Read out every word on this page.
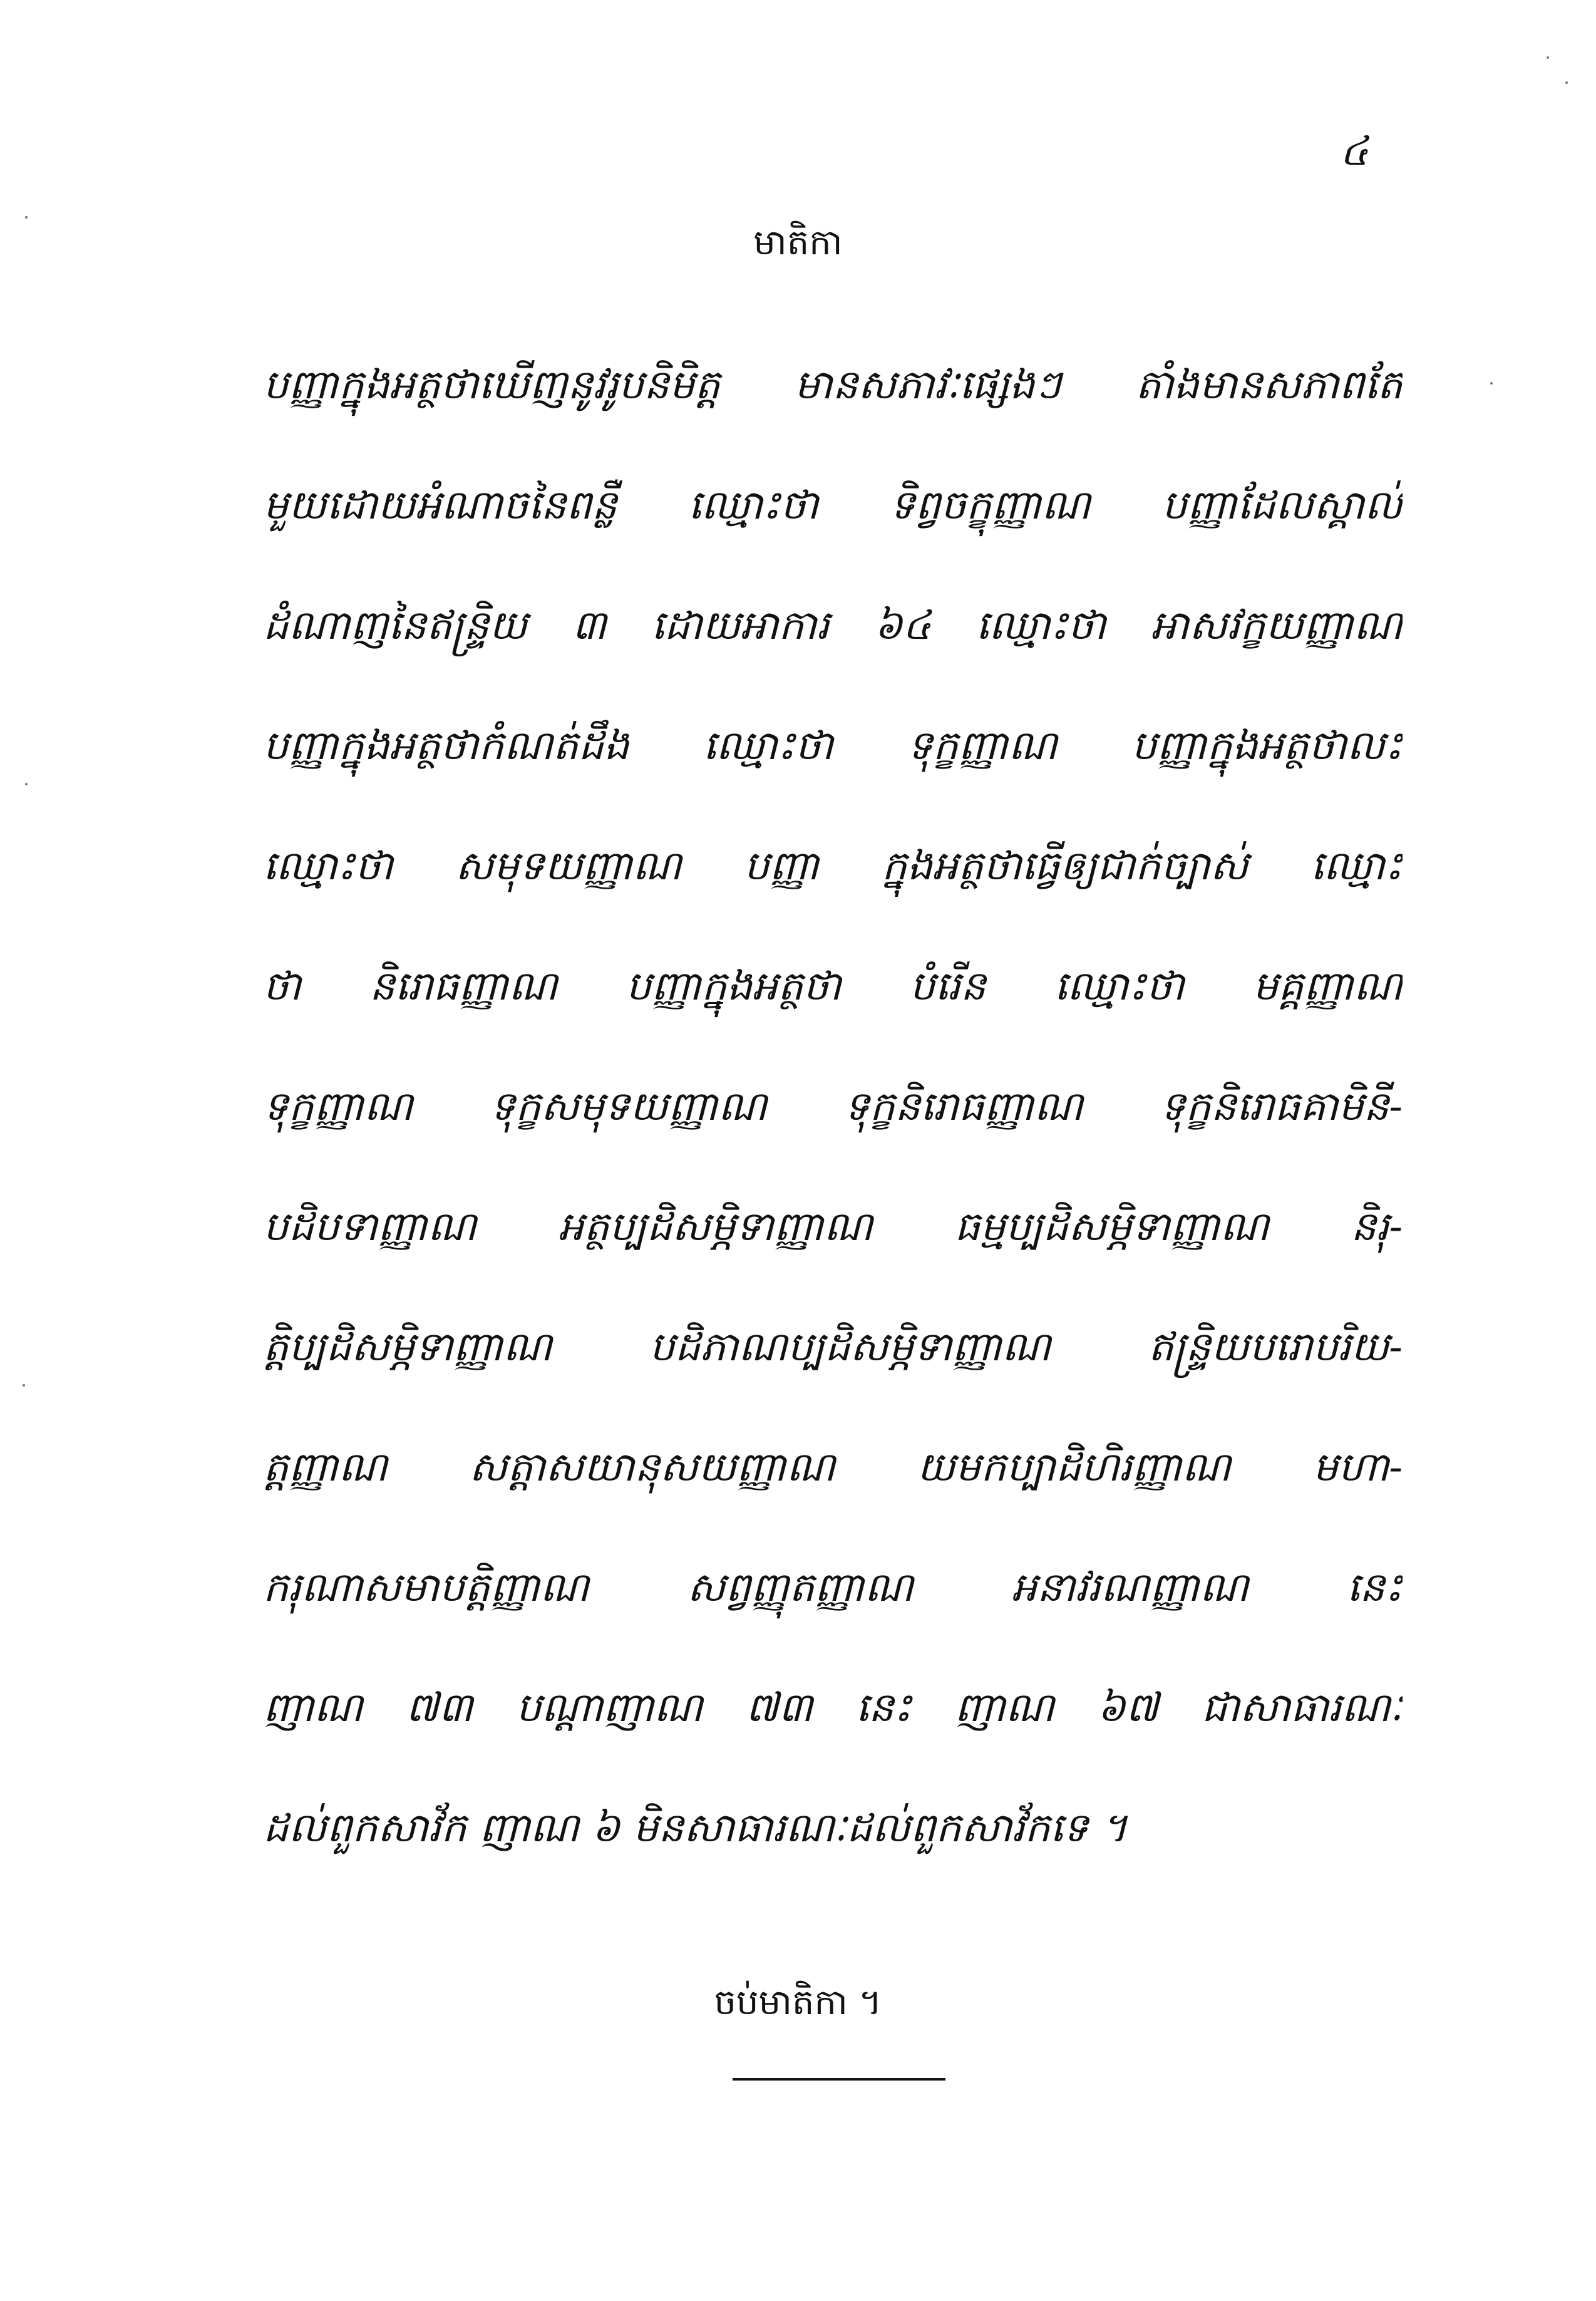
៤
មាតិកា
បញ្ញាក្នុងអត្ថថាឃើញនូវរូបនិមិត្ត មានសភាវៈផ្សេងៗ តាំងមានសភាពតែ
មួយដោយអំណាចនៃពន្លឺ ឈ្មោះថា ទិព្វចក្ខុញ្ញាណ បញ្ញាដែលស្គាល់
ដំណាញនៃឥន្ទ្រិយ ៣ ដោយអាការ ៦៤ ឈ្មោះថា អាសវក្ខយញ្ញាណ
បញ្ញាក្នុងអត្ថថាកំណត់ដឹង ឈ្មោះថា ទុក្ខញ្ញាណ បញ្ញាក្នុងអត្ថថាលះ
ឈ្មោះថា សមុទយញ្ញាណ បញ្ញា ក្នុងអត្ថថាធ្វើឲ្យជាក់ច្បាស់ ឈ្មោះ
ថា និរោធញ្ញាណ បញ្ញាក្នុងអត្ថថា បំរើន ឈ្មោះថា មគ្គញ្ញាណ
ទុក្ខញ្ញាណ ទុក្ខសមុទយញ្ញាណ ទុក្ខនិរោធញ្ញាណ ទុក្ខនិរោធគាមិនី-
បដិបទាញ្ញាណ អត្ថប្បដិសម្ភិទាញ្ញាណ ធម្មប្បដិសម្ភិទាញ្ញាណ និរុ-
ត្តិប្បដិសម្ភិទាញ្ញាណ បដិភាណប្បដិសម្ភិទាញ្ញាណ ឥន្ទ្រិយបរោបរិយ-
ត្តញ្ញាណ សត្តាសយានុសយញ្ញាណ យមកប្បាដិហិរញ្ញាណ មហា-
ករុណាសមាបត្តិញ្ញាណ សព្វញ្ញុតញ្ញាណ អនាវរណញ្ញាណ នេះ
ញាណ ៧៣ បណ្ដាញាណ ៧៣ នេះ ញាណ ៦៧ ជាសាធារណៈ
ដល់ពួកសាវ័ក ញាណ ៦ មិនសាធារណៈដល់ពួកសាវ័កទេ ។
ចប់មាតិកា ។
